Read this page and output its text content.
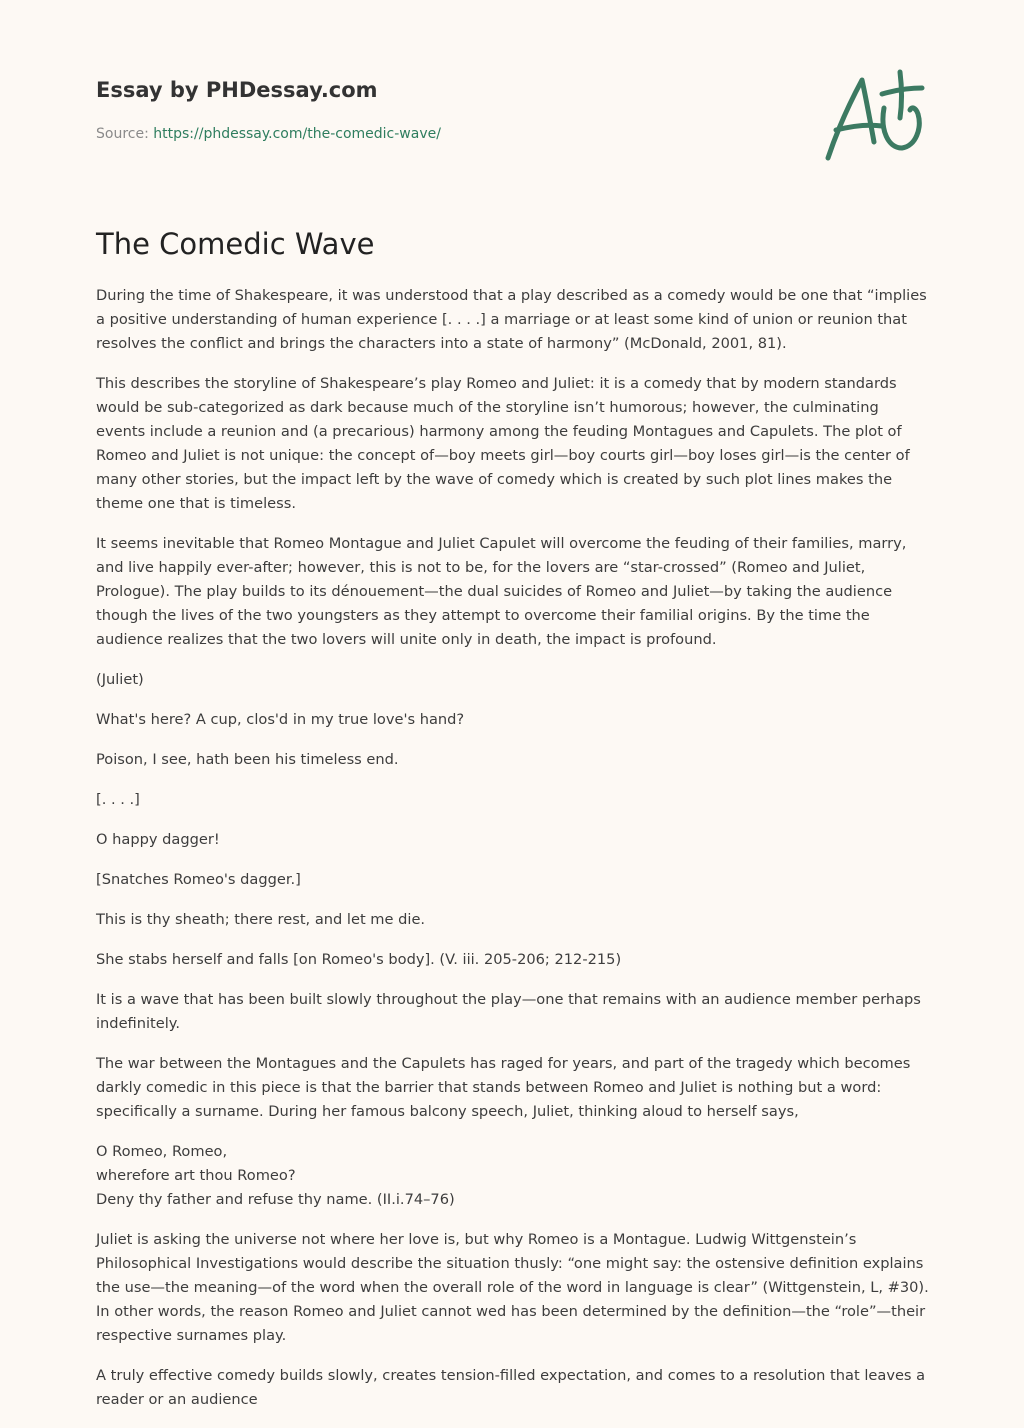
Essay by PHDessay.com
Source: https://phdessay.com/the-comedic-wave/
The Comedic Wave

During the time of Shakespeare, it was understood that a play described as a comedy would be one that “implies a positive understanding of human experience [. . . .] a marriage or at least some kind of union or reunion that resolves the conflict and brings the characters into a state of harmony” (McDonald, 2001, 81).

This describes the storyline of Shakespeare’s play Romeo and Juliet: it is a comedy that by modern standards would be sub-categorized as dark because much of the storyline isn’t humorous; however, the culminating events include a reunion and (a precarious) harmony among the feuding Montagues and Capulets. The plot of Romeo and Juliet is not unique: the concept of—boy meets girl—boy courts girl—boy loses girl—is the center of many other stories, but the impact left by the wave of comedy which is created by such plot lines makes the theme one that is timeless.

It seems inevitable that Romeo Montague and Juliet Capulet will overcome the feuding of their families, marry, and live happily ever-after; however, this is not to be, for the lovers are “star-crossed” (Romeo and Juliet, Prologue). The play builds to its dénouement—the dual suicides of Romeo and Juliet—by taking the audience though the lives of the two youngsters as they attempt to overcome their familial origins. By the time the audience realizes that the two lovers will unite only in death, the impact is profound.

(Juliet)

What's here? A cup, clos'd in my true love's hand?

Poison, I see, hath been his timeless end.

[. . . .]

O happy dagger!

[Snatches Romeo's dagger.]

This is thy sheath; there rest, and let me die.

She stabs herself and falls [on Romeo's body]. (V. iii. 205-206; 212-215)

It is a wave that has been built slowly throughout the play—one that remains with an audience member perhaps indefinitely.

The war between the Montagues and the Capulets has raged for years, and part of the tragedy which becomes darkly comedic in this piece is that the barrier that stands between Romeo and Juliet is nothing but a word: specifically a surname. During her famous balcony speech, Juliet, thinking aloud to herself says,

O Romeo, Romeo,
wherefore art thou Romeo?
Deny thy father and refuse thy name. (II.i.74–76)

Juliet is asking the universe not where her love is, but why Romeo is a Montague. Ludwig Wittgenstein’s Philosophical Investigations would describe the situation thusly: “one might say: the ostensive definition explains the use—the meaning—of the word when the overall role of the word in language is clear” (Wittgenstein, L, #30). In other words, the reason Romeo and Juliet cannot wed has been determined by the definition—the “role”—their respective surnames play.

A truly effective comedy builds slowly, creates tension-filled expectation, and comes to a resolution that leaves a reader or an audience
